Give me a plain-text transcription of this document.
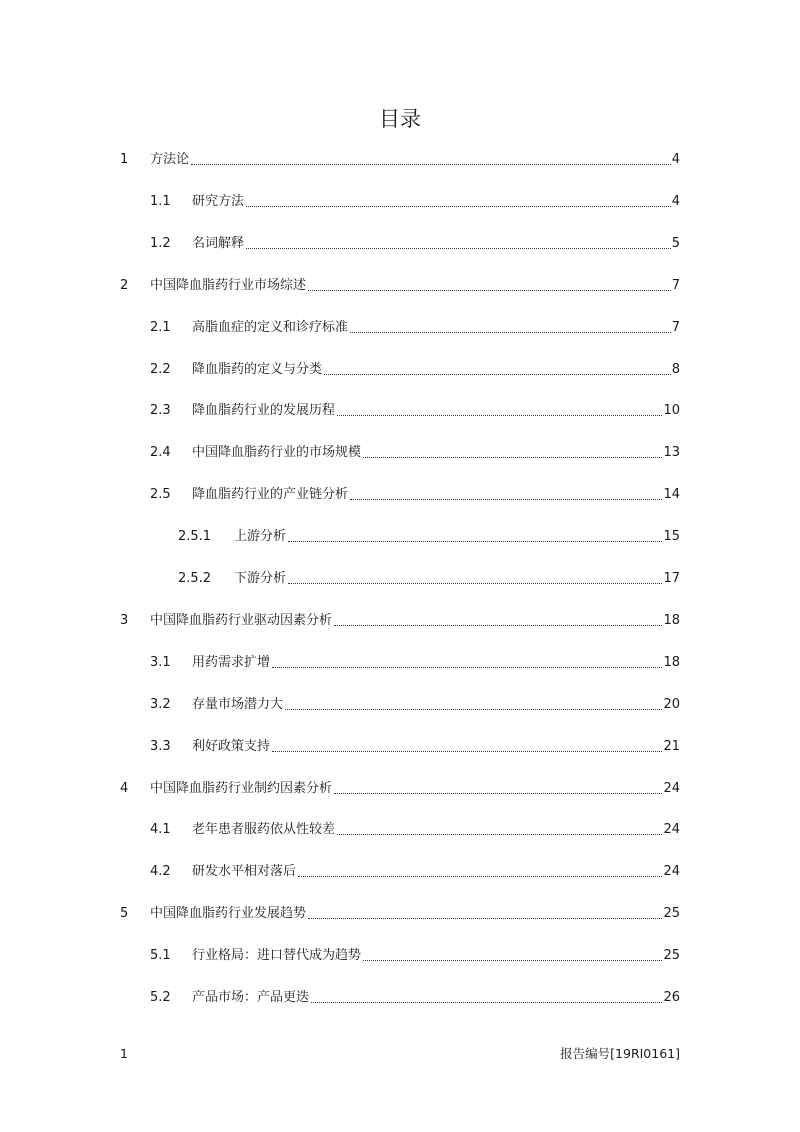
目录
1	方法论	4
1.1	研究方法	4
1.2	名词解释	5
2	中国降血脂药行业市场综述	7
2.1	高脂血症的定义和诊疗标准	7
2.2	降血脂药的定义与分类	8
2.3	降血脂药行业的发展历程	10
2.4	中国降血脂药行业的市场规模	13
2.5	降血脂药行业的产业链分析	14
2.5.1	上游分析	15
2.5.2	下游分析	17
3	中国降血脂药行业驱动因素分析	18
3.1	用药需求扩增	18
3.2	存量市场潜力大	20
3.3	利好政策支持	21
4	中国降血脂药行业制约因素分析	24
4.1	老年患者服药依从性较差	24
4.2	研发水平相对落后	24
5	中国降血脂药行业发展趋势	25
5.1	行业格局：进口替代成为趋势	25
5.2	产品市场：产品更迭	26
1	报告编号[19RI0161]
